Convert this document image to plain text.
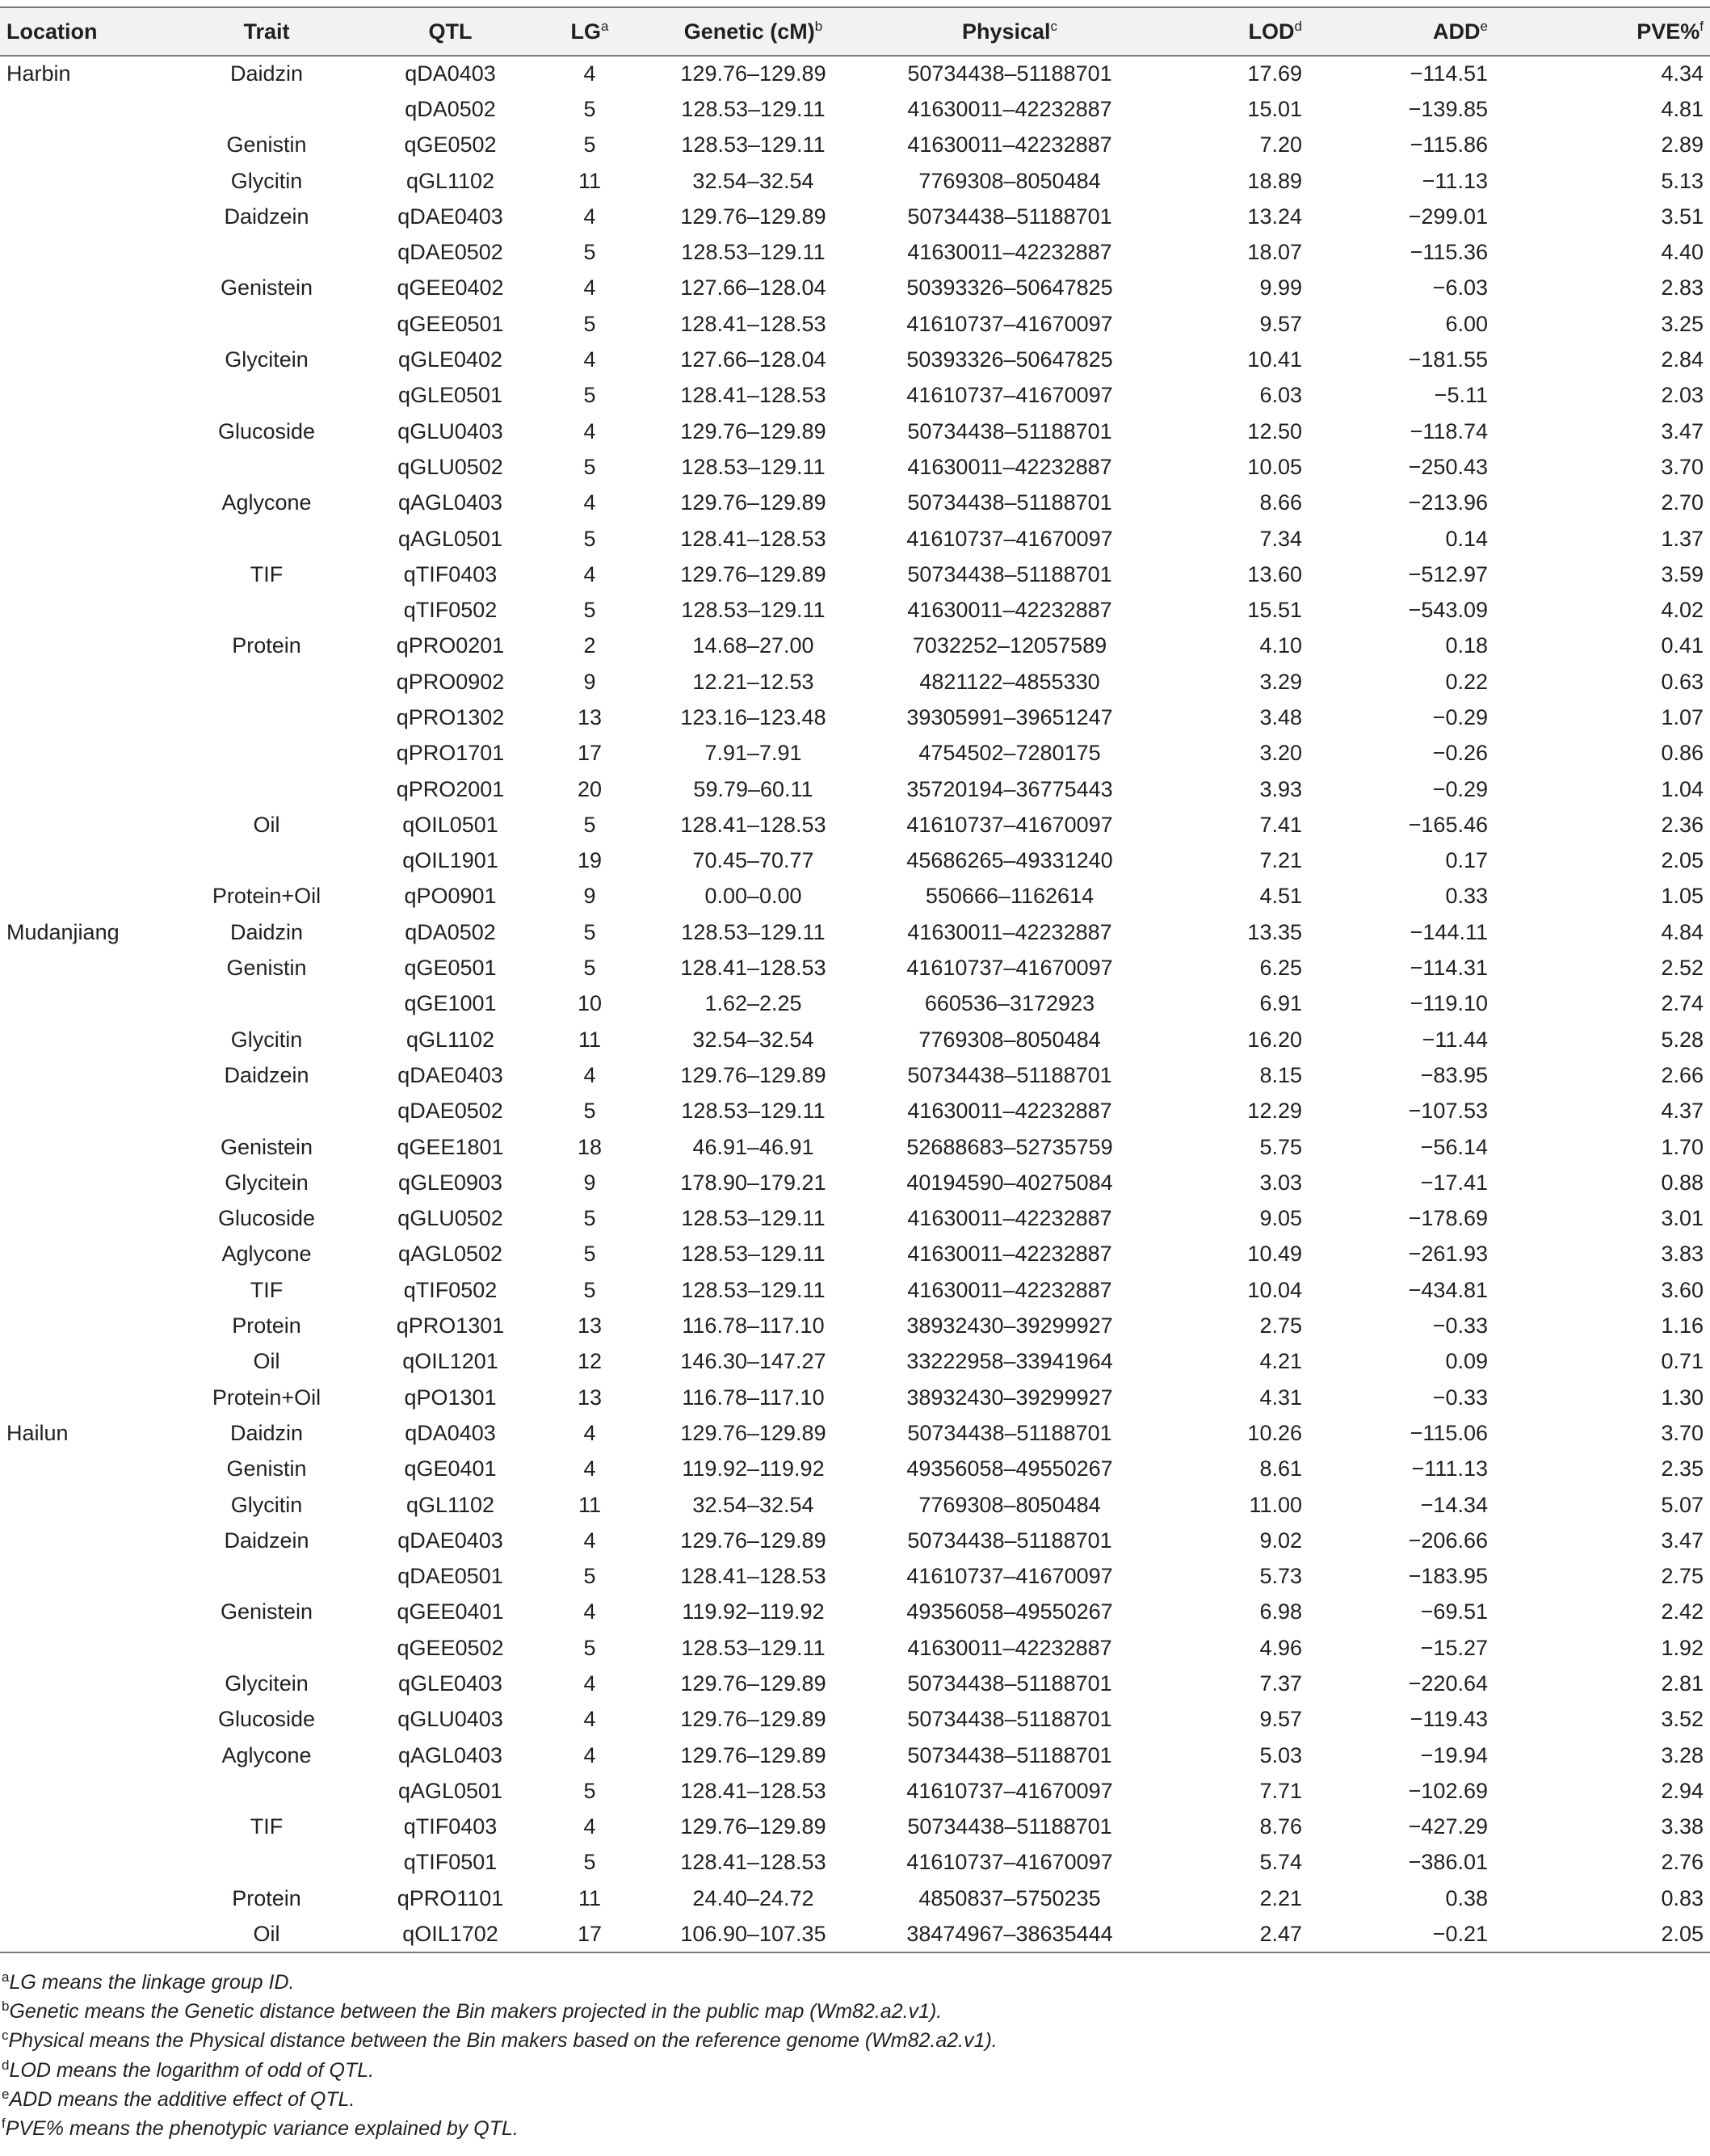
Location	Trait	QTL	$LG^a$	Genetic (cM)$^b$	Physical$^c$	LOD$^d$	ADD$^e$	PVE%$^f$
Harbin	Daidzin	qDA0403	4	129.76–129.89	50734438–51188701	17.69	−114.51	4.34
		qDA0502	5	128.53–129.11	41630011–42232887	15.01	−139.85	4.81
	Genistin	qGE0502	5	128.53–129.11	41630011–42232887	7.20	−115.86	2.89
	Glycitin	qGL1102	11	32.54–32.54	7769308–8050484	18.89	−11.13	5.13
	Daidzein	qDAE0403	4	129.76–129.89	50734438–51188701	13.24	−299.01	3.51
		qDAE0502	5	128.53–129.11	41630011–42232887	18.07	−115.36	4.40
	Genistein	qGEE0402	4	127.66–128.04	50393326–50647825	9.99	−6.03	2.83
		qGEE0501	5	128.41–128.53	41610737–41670097	9.57	6.00	3.25
	Glycitein	qGLE0402	4	127.66–128.04	50393326–50647825	10.41	−181.55	2.84
		qGLE0501	5	128.41–128.53	41610737–41670097	6.03	−5.11	2.03
	Glucoside	qGLU0403	4	129.76–129.89	50734438–51188701	12.50	−118.74	3.47
		qGLU0502	5	128.53–129.11	41630011–42232887	10.05	−250.43	3.70
	Aglycone	qAGL0403	4	129.76–129.89	50734438–51188701	8.66	−213.96	2.70
		qAGL0501	5	128.41–128.53	41610737–41670097	7.34	0.14	1.37
	TIF	qTIF0403	4	129.76–129.89	50734438–51188701	13.60	−512.97	3.59
		qTIF0502	5	128.53–129.11	41630011–42232887	15.51	−543.09	4.02
	Protein	qPRO0201	2	14.68–27.00	7032252–12057589	4.10	0.18	0.41
		qPRO0902	9	12.21–12.53	4821122–4855330	3.29	0.22	0.63
		qPRO1302	13	123.16–123.48	39305991–39651247	3.48	−0.29	1.07
		qPRO1701	17	7.91–7.91	4754502–7280175	3.20	−0.26	0.86
		qPRO2001	20	59.79–60.11	35720194–36775443	3.93	−0.29	1.04
	Oil	qOIL0501	5	128.41–128.53	41610737–41670097	7.41	−165.46	2.36
		qOIL1901	19	70.45–70.77	45686265–49331240	7.21	0.17	2.05
	Protein+Oil	qPO0901	9	0.00–0.00	550666–1162614	4.51	0.33	1.05
Mudanjiang	Daidzin	qDA0502	5	128.53–129.11	41630011–42232887	13.35	−144.11	4.84
	Genistin	qGE0501	5	128.41–128.53	41610737–41670097	6.25	−114.31	2.52
		qGE1001	10	1.62–2.25	660536–3172923	6.91	−119.10	2.74
	Glycitin	qGL1102	11	32.54–32.54	7769308–8050484	16.20	−11.44	5.28
	Daidzein	qDAE0403	4	129.76–129.89	50734438–51188701	8.15	−83.95	2.66
		qDAE0502	5	128.53–129.11	41630011–42232887	12.29	−107.53	4.37
	Genistein	qGEE1801	18	46.91–46.91	52688683–52735759	5.75	−56.14	1.70
	Glycitein	qGLE0903	9	178.90–179.21	40194590–40275084	3.03	−17.41	0.88
	Glucoside	qGLU0502	5	128.53–129.11	41630011–42232887	9.05	−178.69	3.01
	Aglycone	qAGL0502	5	128.53–129.11	41630011–42232887	10.49	−261.93	3.83
	TIF	qTIF0502	5	128.53–129.11	41630011–42232887	10.04	−434.81	3.60
	Protein	qPRO1301	13	116.78–117.10	38932430–39299927	2.75	−0.33	1.16
	Oil	qOIL1201	12	146.30–147.27	33222958–33941964	4.21	0.09	0.71
	Protein+Oil	qPO1301	13	116.78–117.10	38932430–39299927	4.31	−0.33	1.30
Hailun	Daidzin	qDA0403	4	129.76–129.89	50734438–51188701	10.26	−115.06	3.70
	Genistin	qGE0401	4	119.92–119.92	49356058–49550267	8.61	−111.13	2.35
	Glycitin	qGL1102	11	32.54–32.54	7769308–8050484	11.00	−14.34	5.07
	Daidzein	qDAE0403	4	129.76–129.89	50734438–51188701	9.02	−206.66	3.47
		qDAE0501	5	128.41–128.53	41610737–41670097	5.73	−183.95	2.75
	Genistein	qGEE0401	4	119.92–119.92	49356058–49550267	6.98	−69.51	2.42
		qGEE0502	5	128.53–129.11	41630011–42232887	4.96	−15.27	1.92
	Glycitein	qGLE0403	4	129.76–129.89	50734438–51188701	7.37	−220.64	2.81
	Glucoside	qGLU0403	4	129.76–129.89	50734438–51188701	9.57	−119.43	3.52
	Aglycone	qAGL0403	4	129.76–129.89	50734438–51188701	5.03	−19.94	3.28
		qAGL0501	5	128.41–128.53	41610737–41670097	7.71	−102.69	2.94
	TIF	qTIF0403	4	129.76–129.89	50734438–51188701	8.76	−427.29	3.38
		qTIF0501	5	128.41–128.53	41610737–41670097	5.74	−386.01	2.76
	Protein	qPRO1101	11	24.40–24.72	4850837–5750235	2.21	0.38	0.83
	Oil	qOIL1702	17	106.90–107.35	38474967–38635444	2.47	−0.21	2.05
$^a$LG means the linkage group ID.
$^b$Genetic means the Genetic distance between the Bin makers projected in the public map (Wm82.a2.v1).
$^c$Physical means the Physical distance between the Bin makers based on the reference genome (Wm82.a2.v1).
$^d$LOD means the logarithm of odd of QTL.
$^e$ADD means the additive effect of QTL.
$^f$PVE% means the phenotypic variance explained by QTL.
